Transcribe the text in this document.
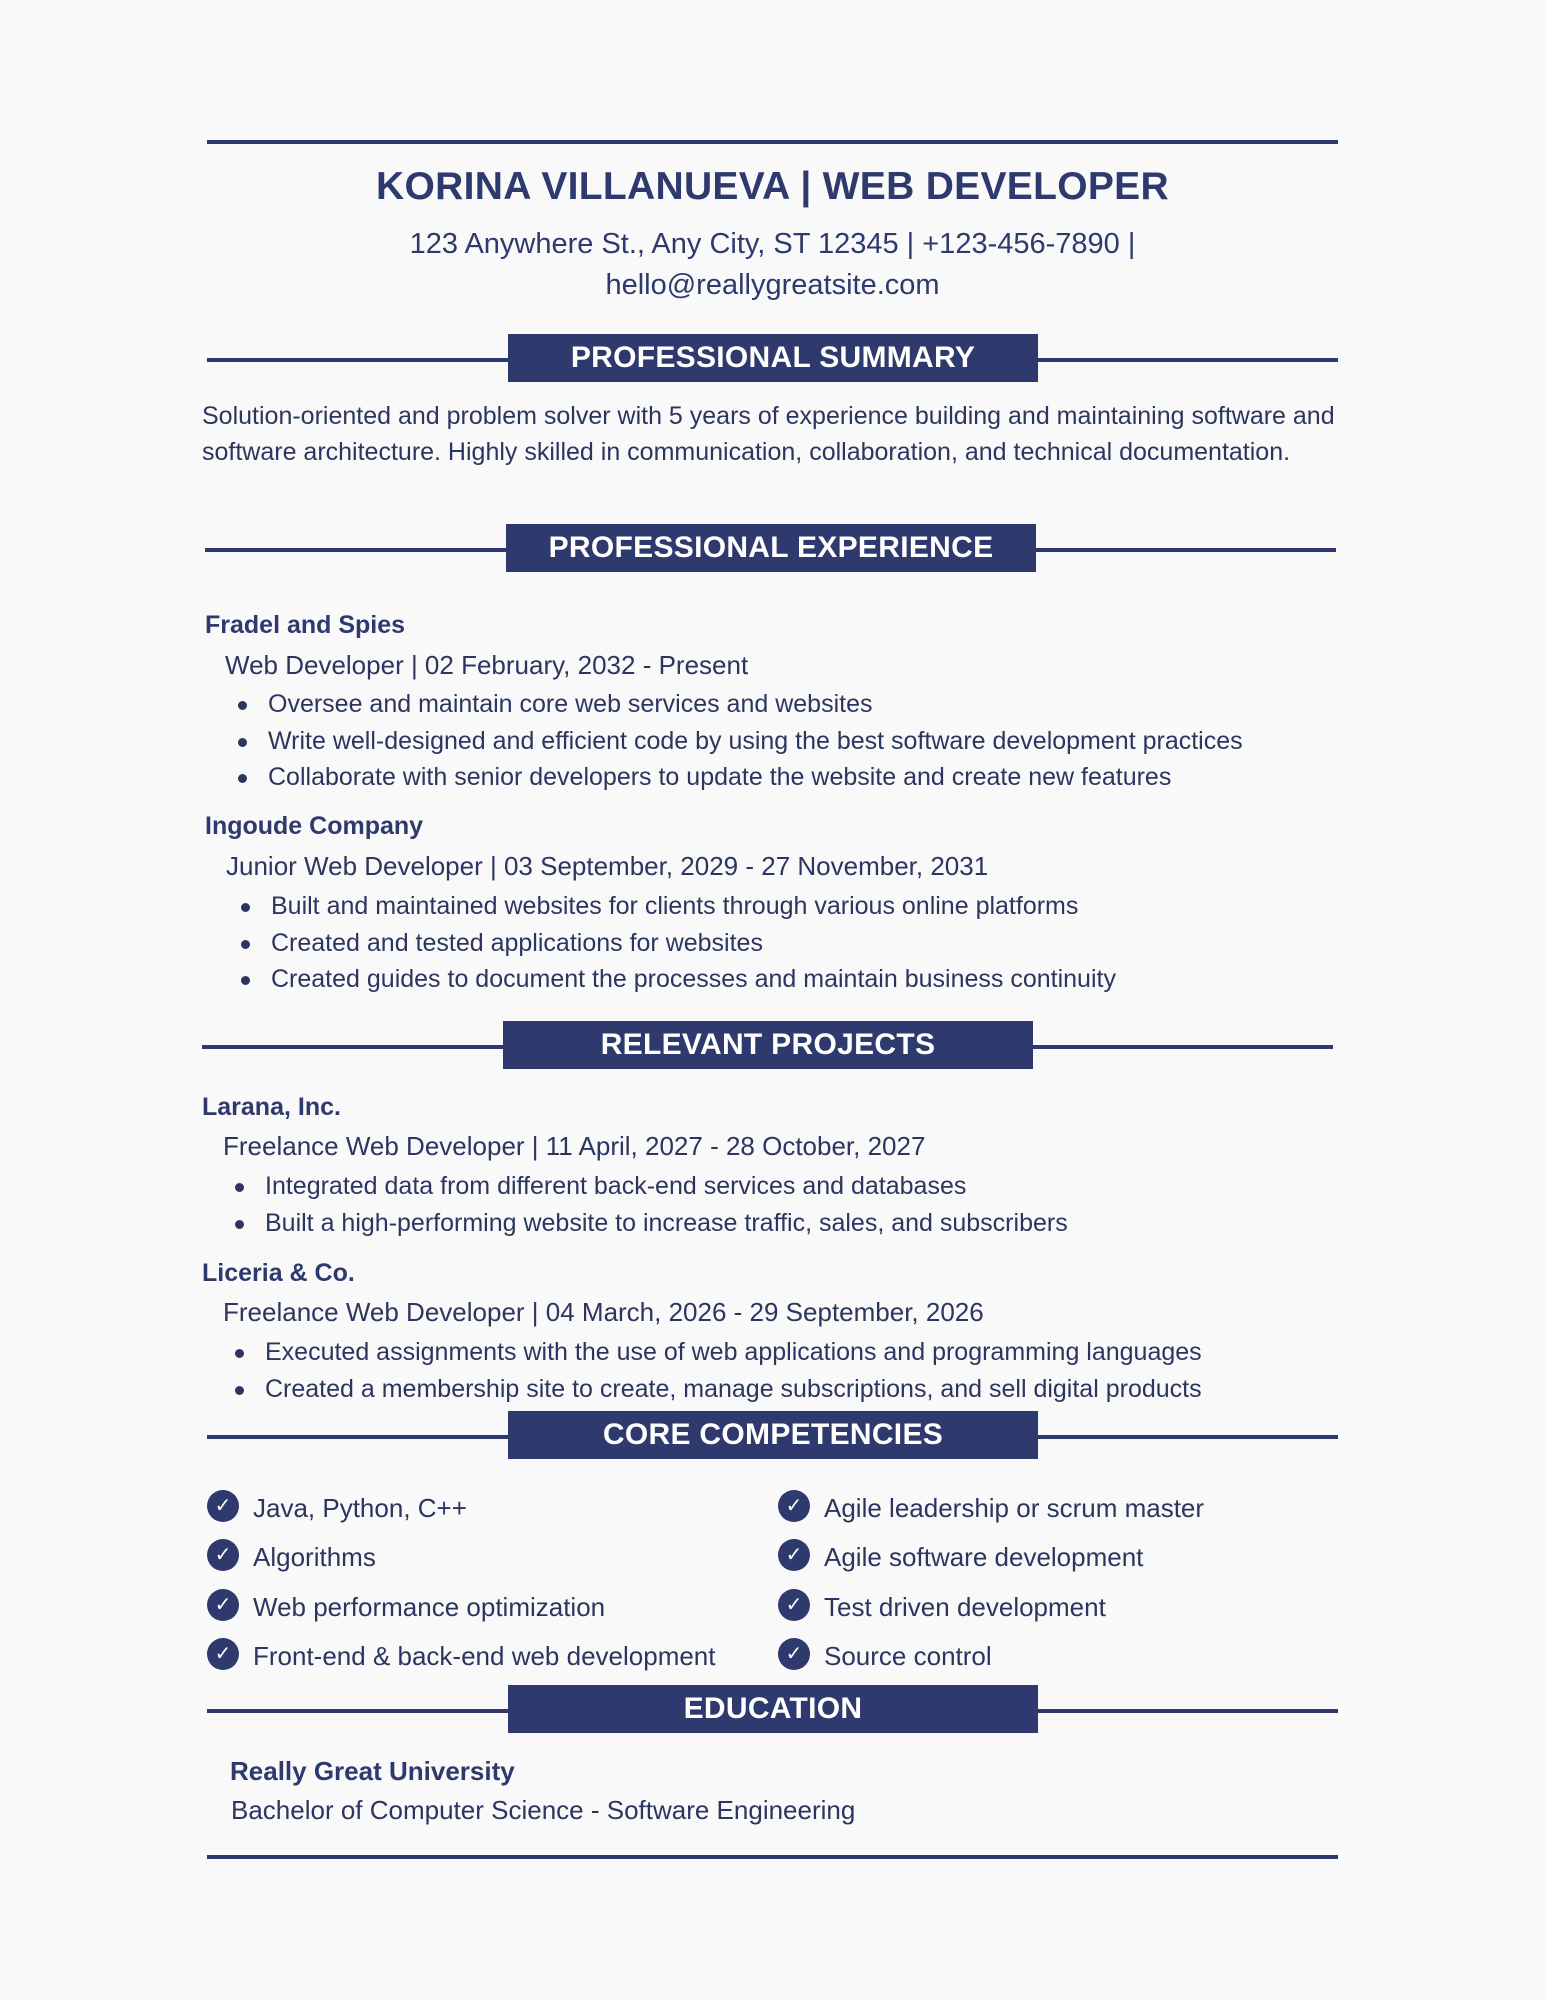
KORINA VILLANUEVA | WEB DEVELOPER
123 Anywhere St., Any City, ST 12345 | +123-456-7890 |
hello@reallygreatsite.com
PROFESSIONAL SUMMARY
Solution-oriented and problem solver with 5 years of experience building and maintaining software and software architecture. Highly skilled in communication, collaboration, and technical documentation.
PROFESSIONAL EXPERIENCE
Fradel and Spies
Web Developer | 02 February, 2032 - Present
Oversee and maintain core web services and websites
Write well-designed and efficient code by using the best software development practices
Collaborate with senior developers to update the website and create new features
Ingoude Company
Junior Web Developer | 03 September, 2029 - 27 November, 2031
Built and maintained websites for clients through various online platforms
Created and tested applications for websites
Created guides to document the processes and maintain business continuity
RELEVANT PROJECTS
Larana, Inc.
Freelance Web Developer | 11 April, 2027 - 28 October, 2027
Integrated data from different back-end services and databases
Built a high-performing website to increase traffic, sales, and subscribers
Liceria & Co.
Freelance Web Developer | 04 March, 2026 - 29 September, 2026
Executed assignments with the use of web applications and programming languages
Created a membership site to create, manage subscriptions, and sell digital products
CORE COMPETENCIES
✓ Java, Python, C++
✓ Algorithms
✓ Web performance optimization
✓ Front-end & back-end web development
✓ Agile leadership or scrum master
✓ Agile software development
✓ Test driven development
✓ Source control
EDUCATION
Really Great University
Bachelor of Computer Science - Software Engineering
